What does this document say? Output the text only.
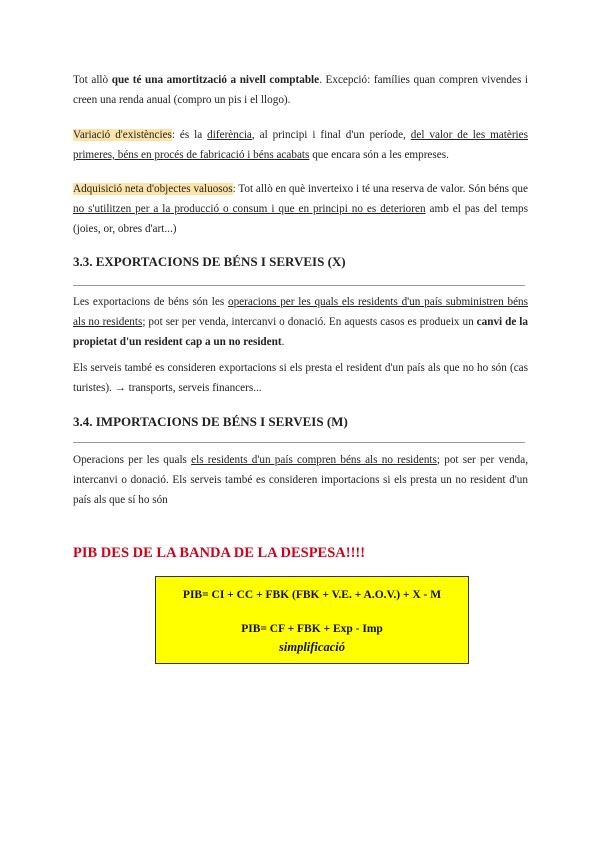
Tot allò que té una amortització a nivell comptable. Excepció: famílies quan compren vivendes i creen una renda anual (compro un pis i el llogo).

Variació d'existències: és la diferència, al principi i final d'un període, del valor de les matèries primeres, béns en procés de fabricació i béns acabats que encara són a les empreses.

Adquisició neta d'objectes valuosos: Tot allò en què inverteixo i té una reserva de valor. Són béns que no s'utilitzen per a la producció o consum i que en principi no es deterioren amb el pas del temps (joies, or, obres d'art...)

3.3. EXPORTACIONS DE BÉNS I SERVEIS (X)

Les exportacions de béns són les operacions per les quals els residents d'un país subministren béns als no residents; pot ser per venda, intercanvi o donació. En aquests casos es produeix un canvi de la propietat d'un resident cap a un no resident.

Els serveis també es consideren exportacions si els presta el resident d'un país als que no ho són (cas turistes). → transports, serveis financers...

3.4. IMPORTACIONS DE BÉNS I SERVEIS (M)

Operacions per les quals els residents d'un país compren béns als no residents; pot ser per venda, intercanvi o donació. Els serveis també es consideren importacions si els presta un no resident d'un país als que sí ho són

PIB DES DE LA BANDA DE LA DESPESA!!!!

PIB= CI + CC + FBK (FBK + V.E. + A.O.V.) + X - M
PIB= CF + FBK + Exp - Imp
simplificació
